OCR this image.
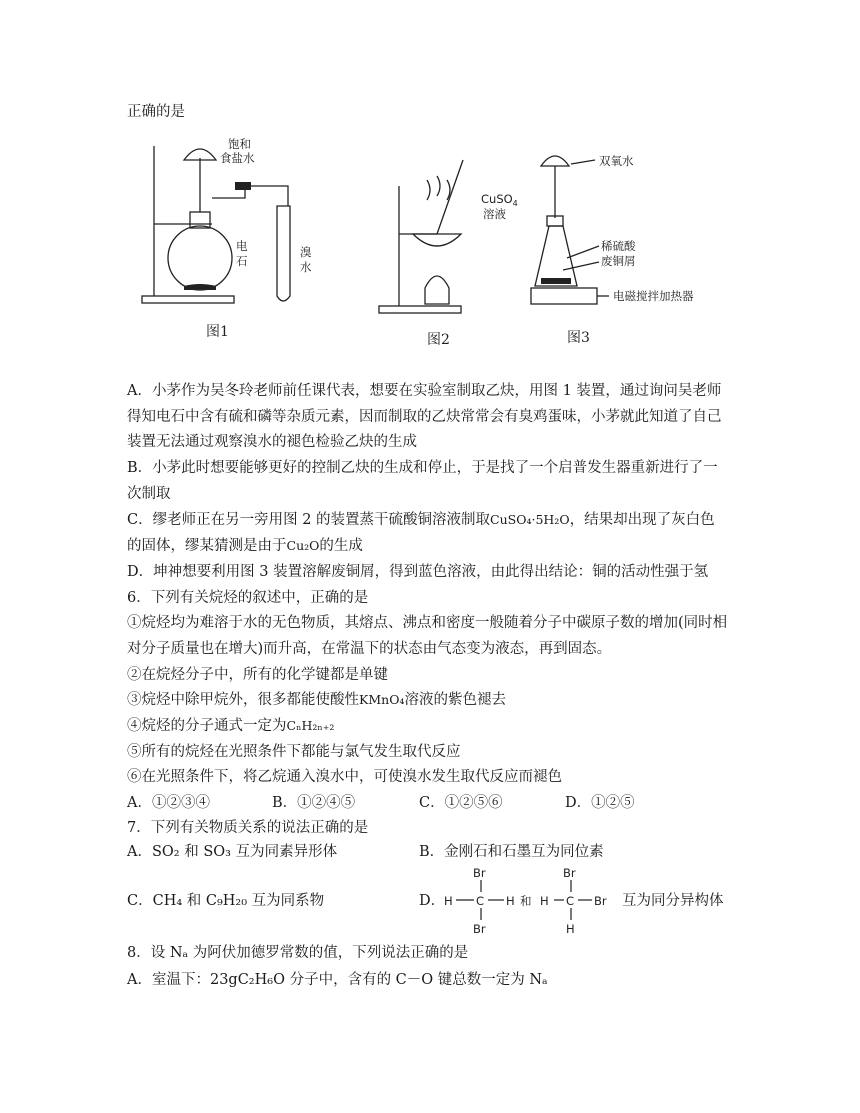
正确的是
饱和
食盐水
电
石
溴
水
图1
CuSO$_4$
溶液
图2
双氧水
稀硫酸
废铜屑
电磁搅拌加热器
图3
A．小茅作为吴冬玲老师前任课代表，想要在实验室制取乙炔，用图 1 装置，通过询问吴老师
得知电石中含有硫和磷等杂质元素，因而制取的乙炔常常会有臭鸡蛋味，小茅就此知道了自己
装置无法通过观察溴水的褪色检验乙炔的生成
B．小茅此时想要能够更好的控制乙炔的生成和停止，于是找了一个启普发生器重新进行了一
次制取
C．缪老师正在另一旁用图 2 的装置蒸干硫酸铜溶液制取CuSO₄·5H₂O，结果却出现了灰白色
的固体，缪某猜测是由于Cu₂O的生成
D．坤神想要利用图 3 装置溶解废铜屑，得到蓝色溶液，由此得出结论：铜的活动性强于氢
6．下列有关烷烃的叙述中，正确的是
①烷烃均为难溶于水的无色物质，其熔点、沸点和密度一般随着分子中碳原子数的增加(同时相
对分子质量也在增大)而升高，在常温下的状态由气态变为液态，再到固态。
②在烷烃分子中，所有的化学键都是单键
③烷烃中除甲烷外，很多都能使酸性KMnO₄溶液的紫色褪去
④烷烃的分子通式一定为CₙH₂ₙ₊₂
⑤所有的烷烃在光照条件下都能与氯气发生取代反应
⑥在光照条件下，将乙烷通入溴水中，可使溴水发生取代反应而褪色
A．①②③④	B．①②④⑤	C．①②⑤⑥	D．①②⑤
7．下列有关物质关系的说法正确的是
A．SO₂ 和 SO₃ 互为同素异形体	B．金刚石和石墨互为同位素
C．CH₄ 和 C₉H₂₀ 互为同系物	D．
H C H
Br
Br
和 H C Br
Br
H
互为同分异构体
8．设 Nₐ 为阿伏加德罗常数的值，下列说法正确的是
A．室温下：23gC₂H₆O 分子中，含有的 C－O 键总数一定为 Nₐ
